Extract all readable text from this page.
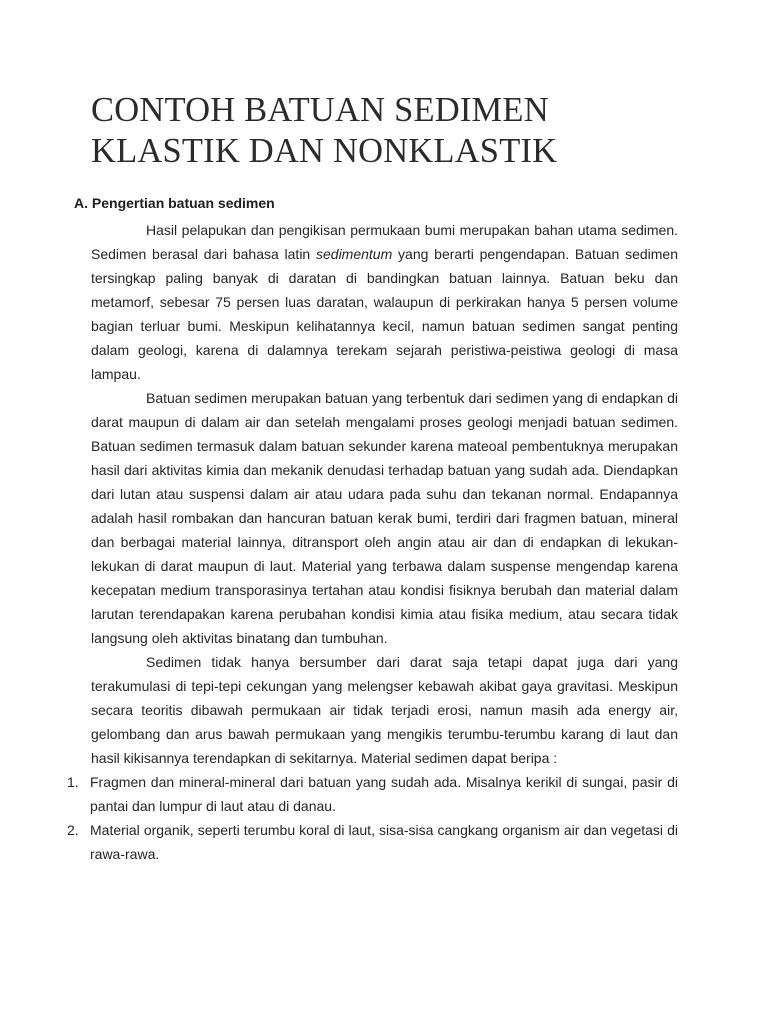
CONTOH BATUAN SEDIMEN
KLASTIK DAN NONKLASTIK
A. Pengertian batuan sedimen

Hasil pelapukan dan pengikisan permukaan bumi merupakan bahan utama sedimen. Sedimen berasal dari bahasa latin sedimentum yang berarti pengendapan. Batuan sedimen tersingkap paling banyak di daratan di bandingkan batuan lainnya. Batuan beku dan metamorf, sebesar 75 persen luas daratan, walaupun di perkirakan hanya 5 persen volume bagian terluar bumi. Meskipun kelihatannya kecil, namun batuan sedimen sangat penting dalam geologi, karena di dalamnya terekam sejarah peristiwa-peistiwa geologi di masa lampau.

Batuan sedimen merupakan batuan yang terbentuk dari sedimen yang di endapkan di darat maupun di dalam air dan setelah mengalami proses geologi menjadi batuan sedimen. Batuan sedimen termasuk dalam batuan sekunder karena mateoal pembentuknya merupakan hasil dari aktivitas kimia dan mekanik denudasi terhadap batuan yang sudah ada. Diendapkan dari lutan atau suspensi dalam air atau udara pada suhu dan tekanan normal. Endapannya adalah hasil rombakan dan hancuran batuan kerak bumi, terdiri dari fragmen batuan, mineral dan berbagai material lainnya, ditransport oleh angin atau air dan di endapkan di lekukan-lekukan di darat maupun di laut. Material yang terbawa dalam suspense mengendap karena kecepatan medium transporasinya tertahan atau kondisi fisiknya berubah dan material dalam larutan terendapakan karena perubahan kondisi kimia atau fisika medium, atau secara tidak langsung oleh aktivitas binatang dan tumbuhan.

Sedimen tidak hanya bersumber dari darat saja tetapi dapat juga dari yang terakumulasi di tepi-tepi cekungan yang melengser kebawah akibat gaya gravitasi. Meskipun secara teoritis dibawah permukaan air tidak terjadi erosi, namun masih ada energy air, gelombang dan arus bawah permukaan yang mengikis terumbu-terumbu karang di laut dan hasil kikisannya terendapkan di sekitarnya. Material sedimen dapat beripa :

1. Fragmen dan mineral-mineral dari batuan yang sudah ada. Misalnya kerikil di sungai, pasir di pantai dan lumpur di laut atau di danau.
2. Material organik, seperti terumbu koral di laut, sisa-sisa cangkang organism air dan vegetasi di rawa-rawa.
